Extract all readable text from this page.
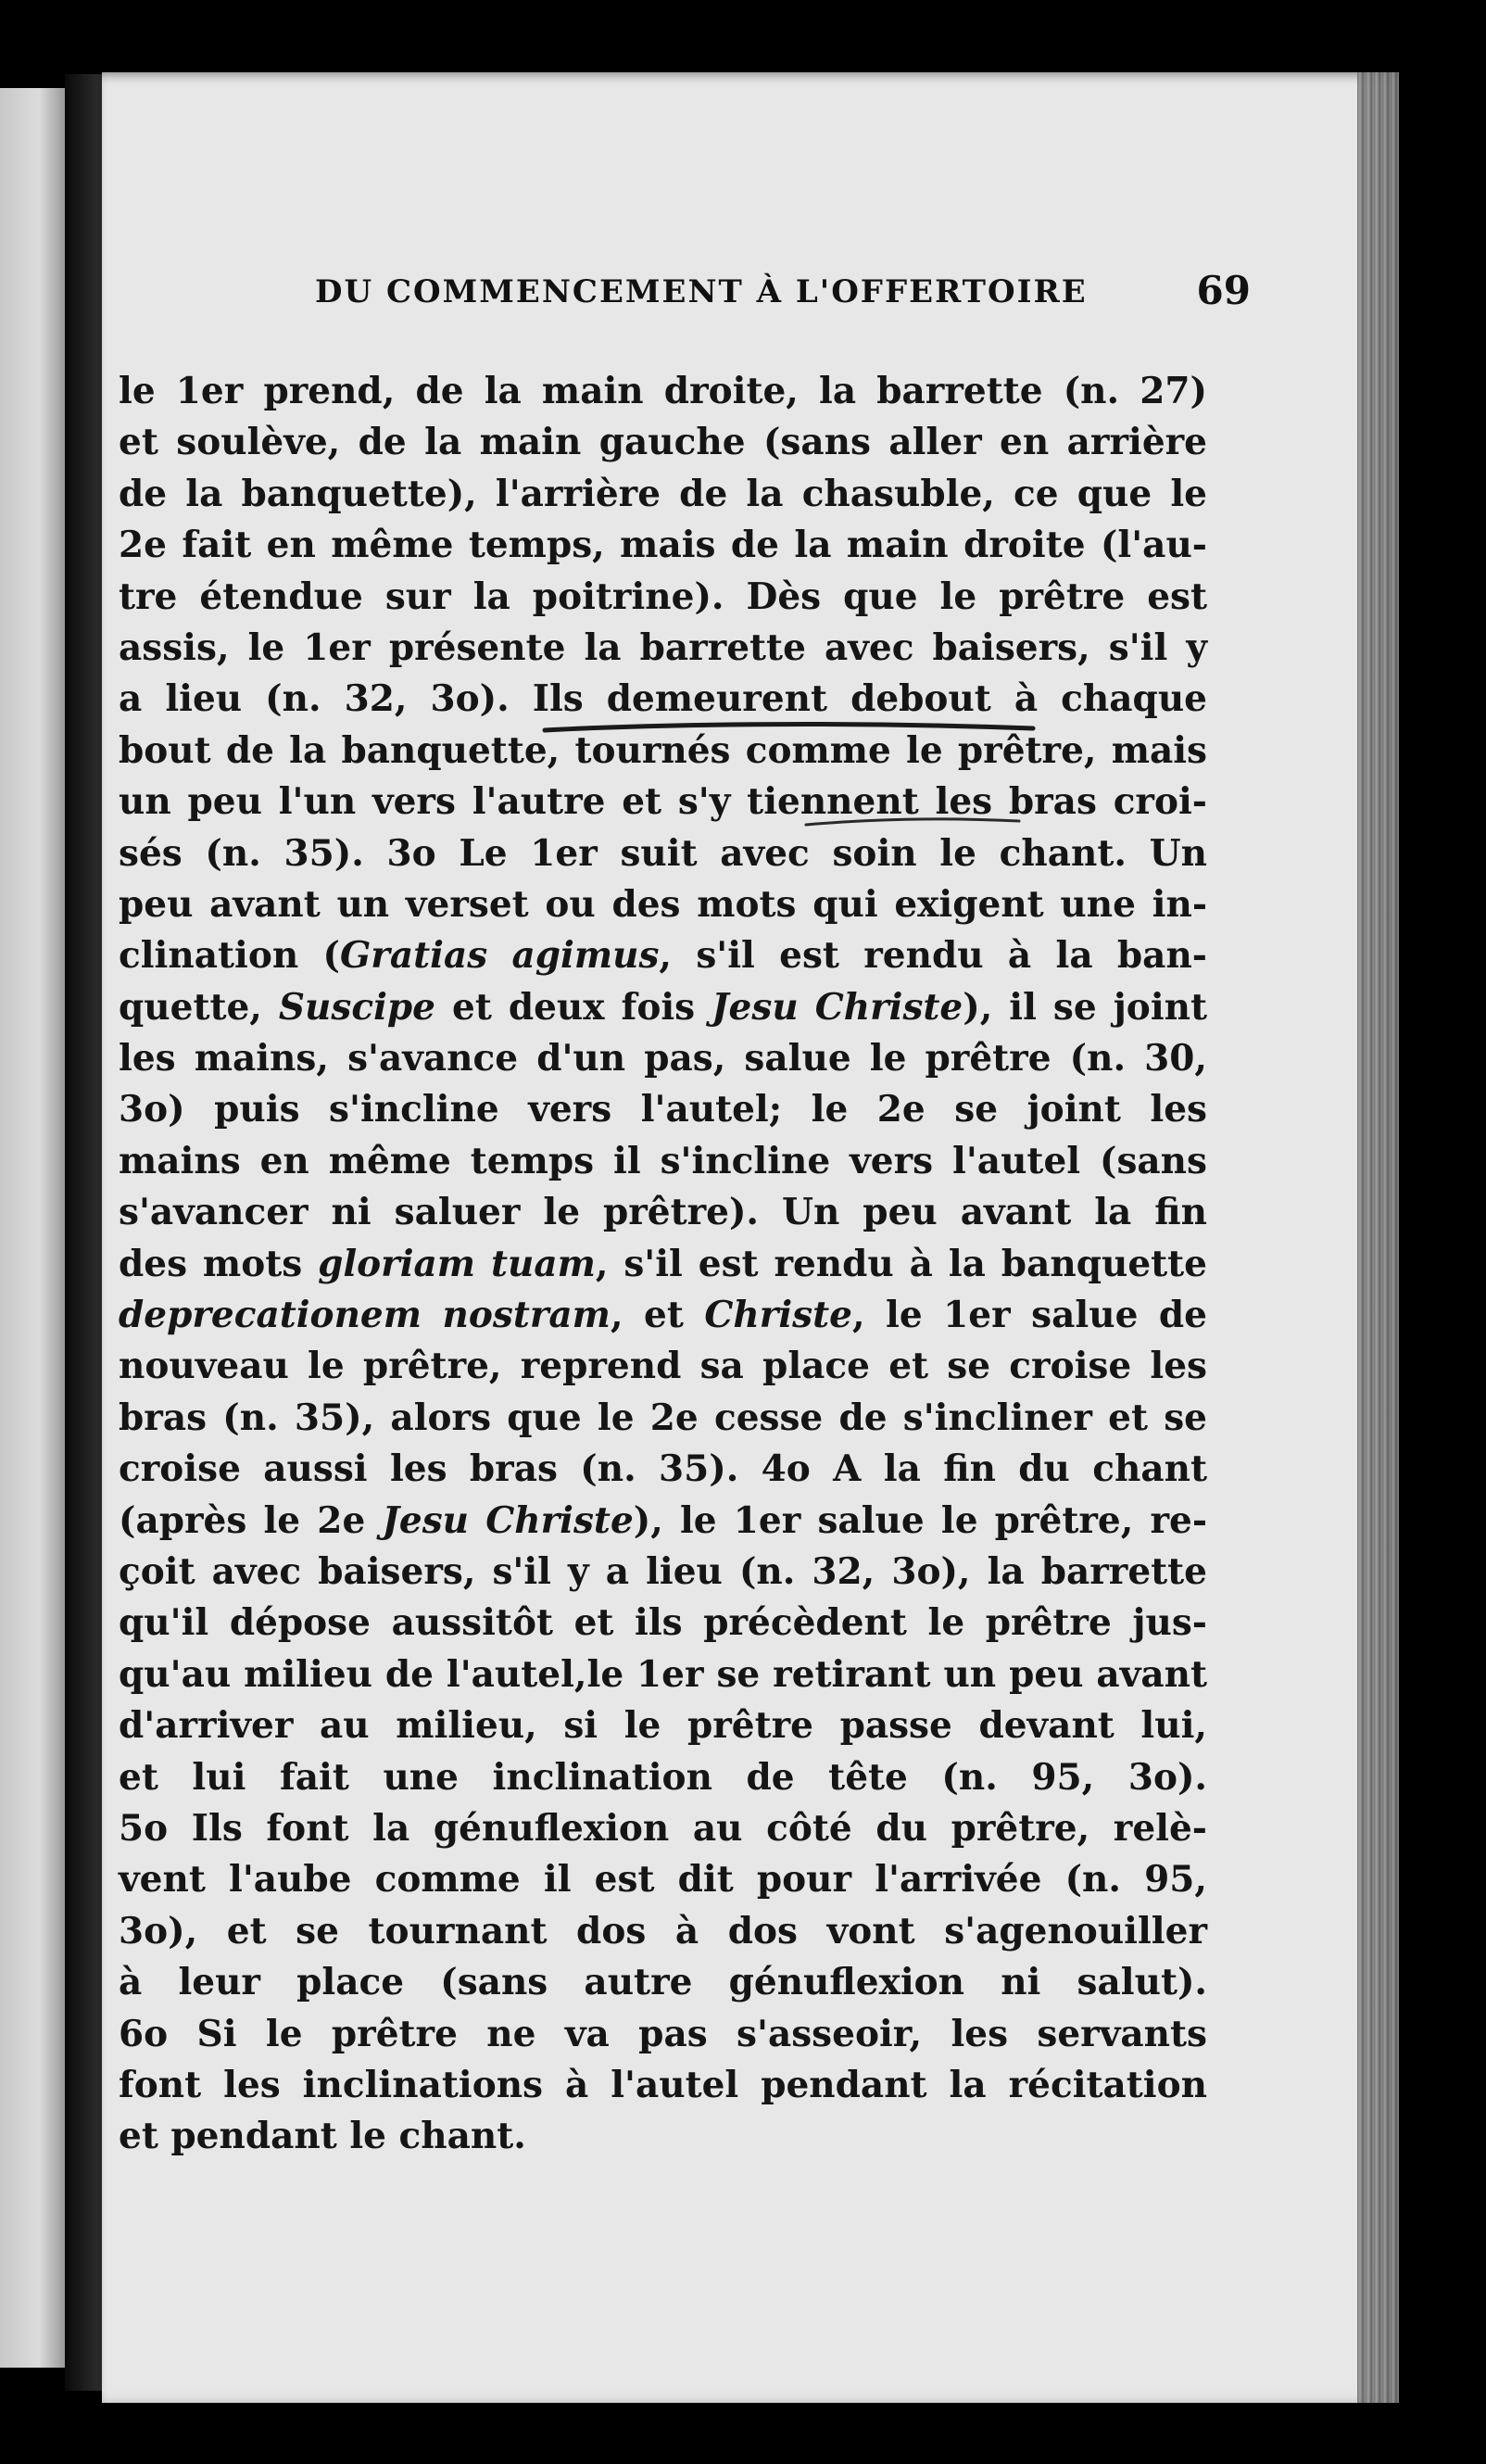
DU COMMENCEMENT À L'OFFERTOIRE	69
le 1er prend, de la main droite, la barrette (n. 27)
et soulève, de la main gauche (sans aller en arrière
de la banquette), l'arrière de la chasuble, ce que le
2e fait en même temps, mais de la main droite (l'au-
tre étendue sur la poitrine). Dès que le prêtre est
assis, le 1er présente la barrette avec baisers, s'il y
a lieu (n. 32, 3o). Ils demeurent debout à chaque
bout de la banquette, tournés comme le prêtre, mais
un peu l'un vers l'autre et s'y tiennent les bras croi-
sés (n. 35). 3o Le 1er suit avec soin le chant. Un
peu avant un verset ou des mots qui exigent une in-
clination (Gratias agimus, s'il est rendu à la ban-
quette, Suscipe et deux fois Jesu Christe), il se joint
les mains, s'avance d'un pas, salue le prêtre (n. 30,
3o) puis s'incline vers l'autel; le 2e se joint les
mains en même temps il s'incline vers l'autel (sans
s'avancer ni saluer le prêtre). Un peu avant la fin
des mots gloriam tuam, s'il est rendu à la banquette
deprecationem nostram, et Christe, le 1er salue de
nouveau le prêtre, reprend sa place et se croise les
bras (n. 35), alors que le 2e cesse de s'incliner et se
croise aussi les bras (n. 35). 4o A la fin du chant
(après le 2e Jesu Christe), le 1er salue le prêtre, re-
çoit avec baisers, s'il y a lieu (n. 32, 3o), la barrette
qu'il dépose aussitôt et ils précèdent le prêtre jus-
qu'au milieu de l'autel,le 1er se retirant un peu avant
d'arriver au milieu, si le prêtre passe devant lui,
et lui fait une inclination de tête (n. 95, 3o).
5o Ils font la génuflexion au côté du prêtre, relè-
vent l'aube comme il est dit pour l'arrivée (n. 95,
3o), et se tournant dos à dos vont s'agenouiller
à leur place (sans autre génuflexion ni salut).
6o Si le prêtre ne va pas s'asseoir, les servants
font les inclinations à l'autel pendant la récitation
et pendant le chant.
